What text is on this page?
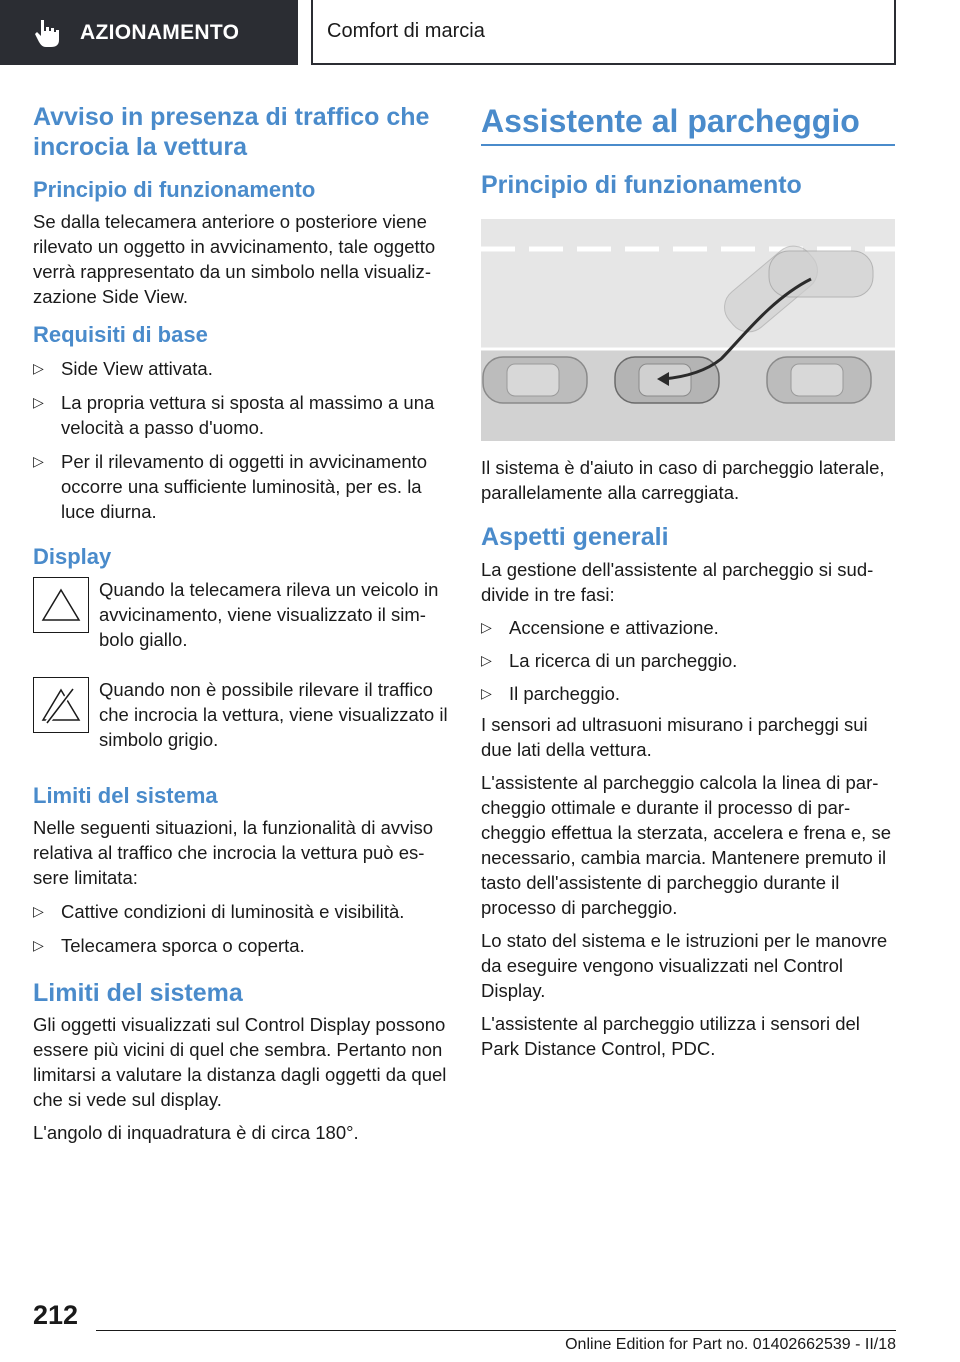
AZIONAMENTO	Comfort di marcia
Avviso in presenza di traffico che incrocia la vettura
Principio di funzionamento

Se dalla telecamera anteriore o posteriore viene rilevato un oggetto in avvicinamento, tale oggetto verrà rappresentato da un simbolo nella visualizzazione Side View.

Requisiti di base
▷ Side View attivata.
▷ La propria vettura si sposta al massimo a una velocità a passo d'uomo.
▷ Per il rilevamento di oggetti in avvicinamento occorre una sufficiente luminosità, per es. la luce diurna.
Display

Quando la telecamera rileva un veicolo in avvicinamento, viene visualizzato il simbolo giallo.

Quando non è possibile rilevare il traffico che incrocia la vettura, viene visualizzato il simbolo grigio.

Limiti del sistema

Nelle seguenti situazioni, la funzionalità di avviso relativa al traffico che incrocia la vettura può essere limitata:

▷ Cattive condizioni di luminosità e visibilità.
▷ Telecamera sporca o coperta.
Limiti del sistema

Gli oggetti visualizzati sul Control Display possono essere più vicini di quel che sembra. Pertanto non limitarsi a valutare la distanza dagli oggetti da quel che si vede sul display.

L'angolo di inquadratura è di circa 180°.

Assistente al parcheggio
Principio di funzionamento

Il sistema è d'aiuto in caso di parcheggio laterale, parallelamente alla carreggiata.

Aspetti generali

La gestione dell'assistente al parcheggio si suddivide in tre fasi:

▷ Accensione e attivazione.
▷ La ricerca di un parcheggio.
▷ Il parcheggio.

I sensori ad ultrasuoni misurano i parcheggi sui due lati della vettura.

L'assistente al parcheggio calcola la linea di parcheggio ottimale e durante il processo di parcheggio effettua la sterzata, accelera e frena e, se necessario, cambia marcia. Mantenere premuto il tasto dell'assistente di parcheggio durante il processo di parcheggio.

Lo stato del sistema e le istruzioni per le manovre da eseguire vengono visualizzati nel Control Display.

L'assistente al parcheggio utilizza i sensori del Park Distance Control, PDC.

212
Online Edition for Part no. 01402662539 - II/18
